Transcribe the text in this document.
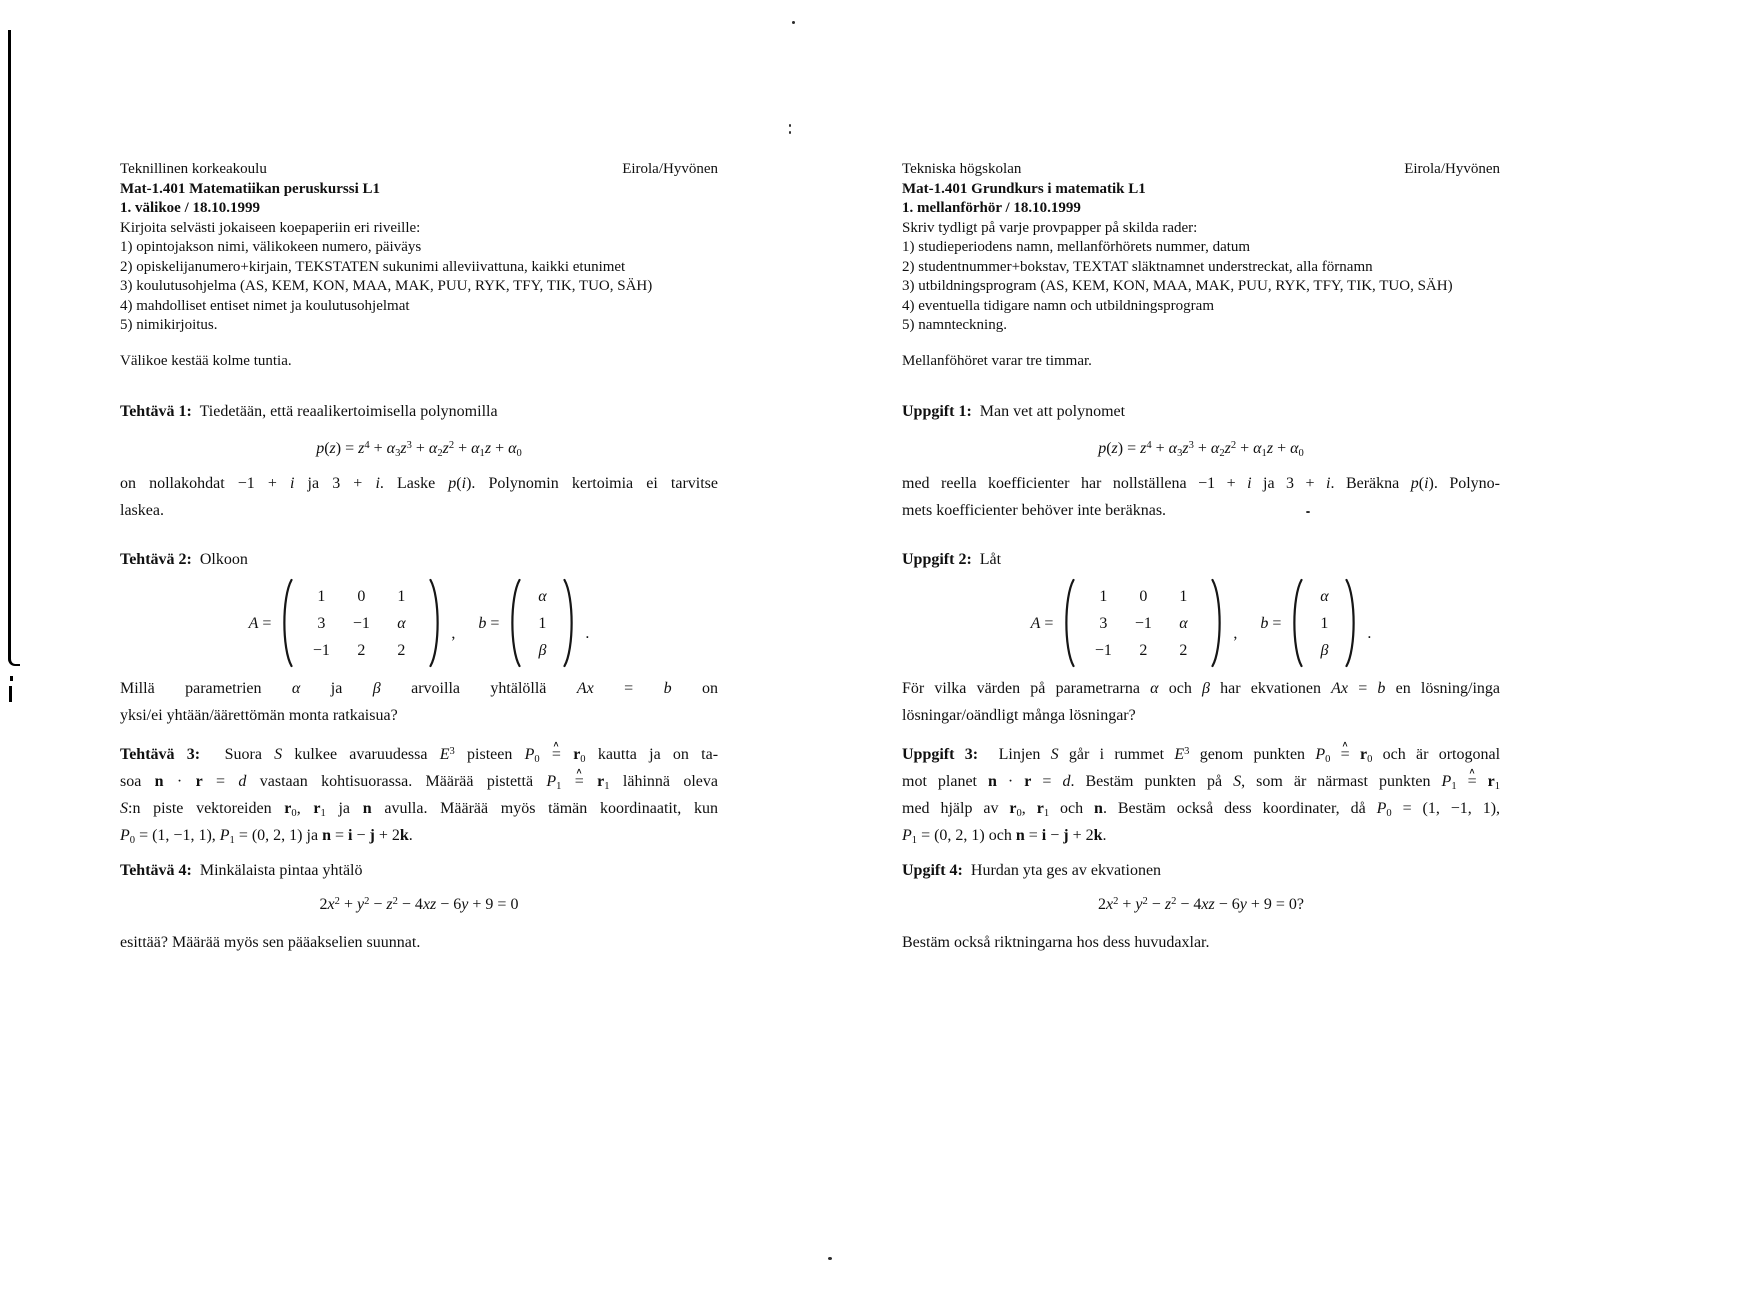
Teknillinen korkeakoulu	Eirola/Hyvönen
Mat-1.401 Matematiikan peruskurssi L1
1. välikoe / 18.10.1999
Kirjoita selvästi jokaiseen koepaperiin eri riveille:
1) opintojakson nimi, välikokeen numero, päiväys
2) opiskelijanumero+kirjain, TEKSTATEN sukunimi alleviivattuna, kaikki etunimet
3) koulutusohjelma (AS, KEM, KON, MAA, MAK, PUU, RYK, TFY, TIK, TUO, SÄH)
4) mahdolliset entiset nimet ja koulutusohjelmat
5) nimikirjoitus.
Välikoe kestää kolme tuntia.
Tehtävä 1:  Tiedetään, että reaalikertoimisella polynomilla
$p(z) = z^4 + \alpha_3z^3 + \alpha_2z^2 + \alpha_1z + \alpha_0$
on nollakohdat −1 + i ja 3 + i. Laske p(i). Polynomin kertoimia ei tarvitse
laskea.
Tehtävä 2:  Olkoon
A =
1	0	1
3	−1	α
−1	2	2
,
b =
α
1
β
.
Millä parametrien α ja β arvoilla yhtälöllä Ax = b on
yksi/ei yhtään/äärettömän monta ratkaisua?
Tehtävä 3:  Suora S kulkee avaruudessa $E^3$ pisteen $P_0$ = ∧ $r_0$ kautta ja on ta-
soa n · r = d vastaan kohtisuorassa. Määrää pistettä $P_1$ = ∧ $r_1$ lähinnä oleva
S:n piste vektoreiden $r_0$, $r_1$ ja n avulla. Määrää myös tämän koordinaatit, kun
$P_0 = (1$, −1, 1), $P_1 = (0$, 2, 1) ja n = i − j + 2k.
Tehtävä 4:  Minkälaista pintaa yhtälö
$2x^2 + y^2 - z^2 - 4xz - 6y + 9 = 0$
esittää? Määrää myös sen pääakselien suunnat.
Tekniska högskolan	Eirola/Hyvönen
Mat-1.401 Grundkurs i matematik L1
1. mellanförhör / 18.10.1999
Skriv tydligt på varje provpapper på skilda rader:
1) studieperiodens namn, mellanförhörets nummer, datum
2) studentnummer+bokstav, TEXTAT släktnamnet understreckat, alla förnamn
3) utbildningsprogram (AS, KEM, KON, MAA, MAK, PUU, RYK, TFY, TIK, TUO, SÄH)
4) eventuella tidigare namn och utbildningsprogram
5) namnteckning.
Mellanföhöret varar tre timmar.
Uppgift 1:  Man vet att polynomet
$p(z) = z^4 + \alpha_3z^3 + \alpha_2z^2 + \alpha_1z + \alpha_0$
med reella koefficienter har nollställena −1 + i ja 3 + i. Beräkna p(i). Polyno-
mets koefficienter behöver inte beräknas.
Uppgift 2:  Låt
A =
1	0	1
3	−1	α
−1	2	2
,
b =
α
1
β
.
För vilka värden på parametrarna α och β har ekvationen Ax = b en lösning/inga
lösningar/oändligt många lösningar?
Uppgift 3:  Linjen S går i rummet $E^3$ genom punkten $P_0$ = ∧ $r_0$ och är ortogonal
mot planet n · r = d. Bestäm punkten på S, som är närmast punkten $P_1$ = ∧ $r_1$
med hjälp av $r_0$, $r_1$ och n. Bestäm också dess koordinater, då $P_0 = (1$, −1, 1),
$P_1 = (0$, 2, 1) och n = i − j + 2k.
Upgift 4:  Hurdan yta ges av ekvationen
$2x^2 + y^2 - z^2 - 4xz - 6y + 9 = 0$?
Bestäm också riktningarna hos dess huvudaxlar.
